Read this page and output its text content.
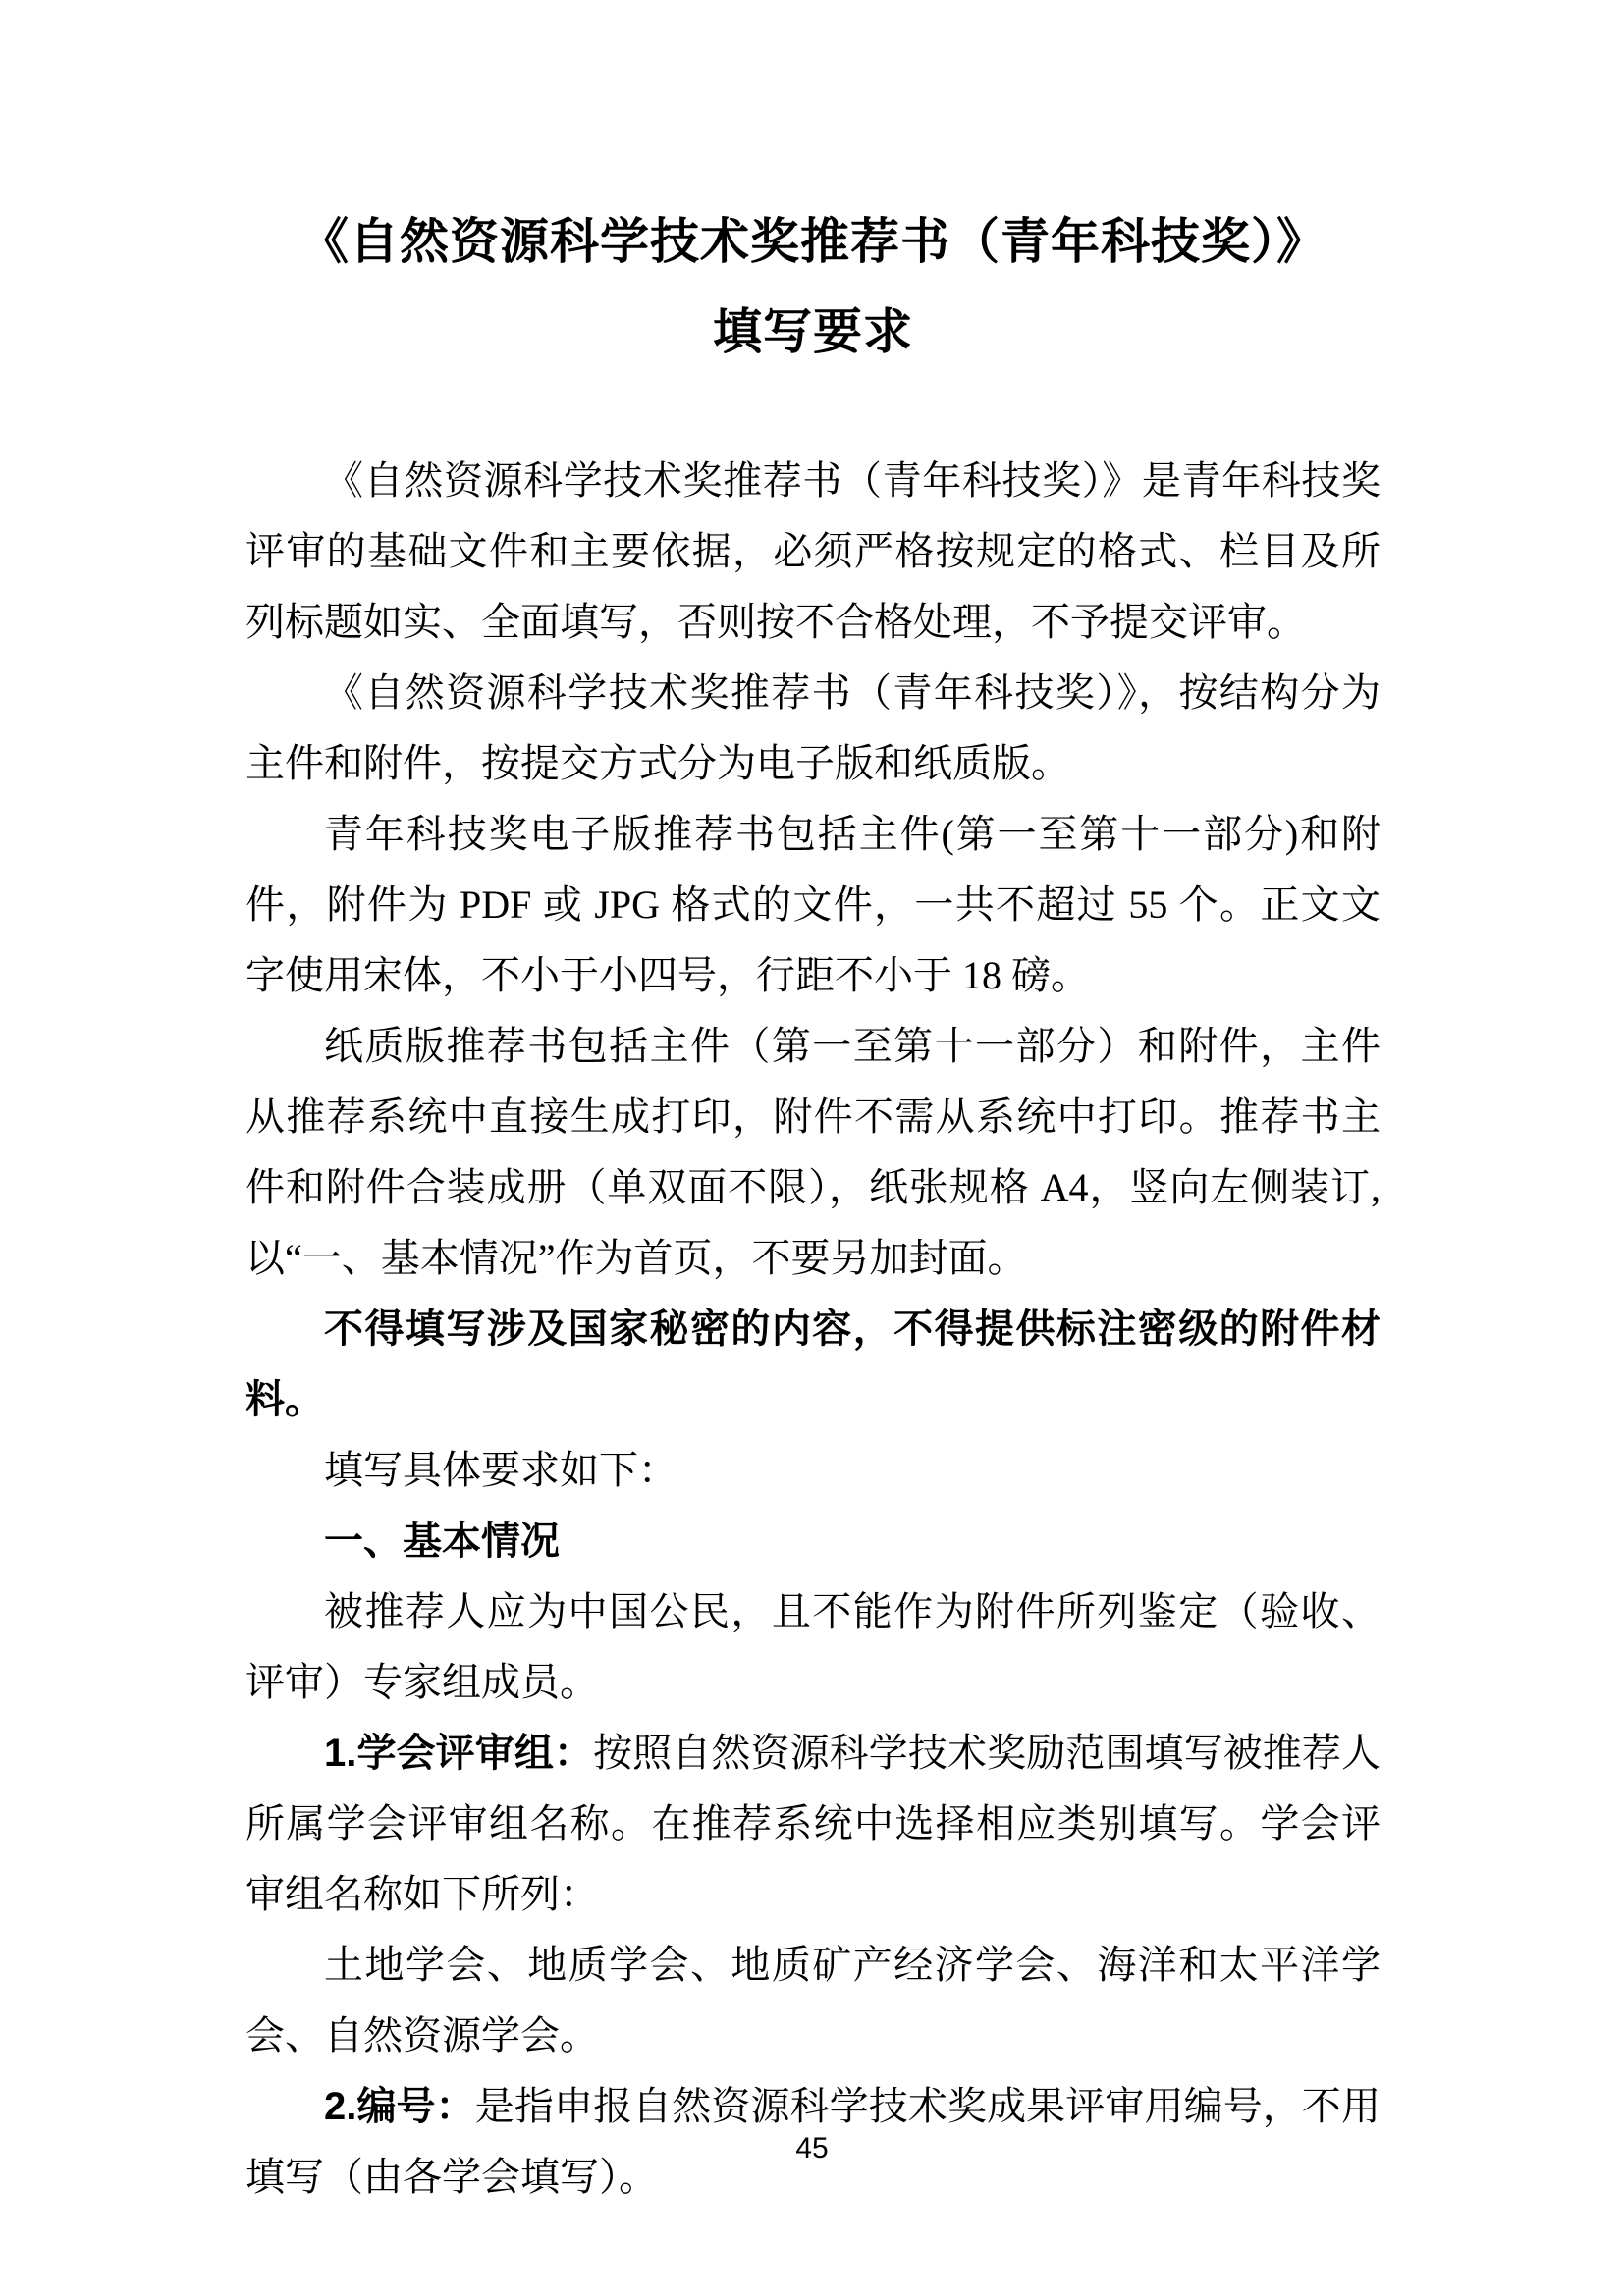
《自然资源科学技术奖推荐书（青年科技奖）》
填写要求

《自然资源科学技术奖推荐书（青年科技奖）》是青年科技奖评审的基础文件和主要依据，必须严格按规定的格式、栏目及所列标题如实、全面填写，否则按不合格处理，不予提交评审。

《自然资源科学技术奖推荐书（青年科技奖）》，按结构分为主件和附件，按提交方式分为电子版和纸质版。

青年科技奖电子版推荐书包括主件(第一至第十一部分)和附件，附件为 PDF 或 JPG 格式的文件，一共不超过 55 个。正文文字使用宋体，不小于小四号，行距不小于 18 磅。

纸质版推荐书包括主件（第一至第十一部分）和附件，主件从推荐系统中直接生成打印，附件不需从系统中打印。推荐书主件和附件合装成册（单双面不限），纸张规格 A4，竖向左侧装订,以“一、基本情况”作为首页，不要另加封面。

不得填写涉及国家秘密的内容，不得提供标注密级的附件材料。

填写具体要求如下：

一、基本情况

被推荐人应为中国公民，且不能作为附件所列鉴定（验收、评审）专家组成员。

1.学会评审组：按照自然资源科学技术奖励范围填写被推荐人所属学会评审组名称。在推荐系统中选择相应类别填写。学会评审组名称如下所列：

土地学会、地质学会、地质矿产经济学会、海洋和太平洋学会、自然资源学会。

2.编号：是指申报自然资源科学技术奖成果评审用编号，不用填写（由各学会填写）。

45
